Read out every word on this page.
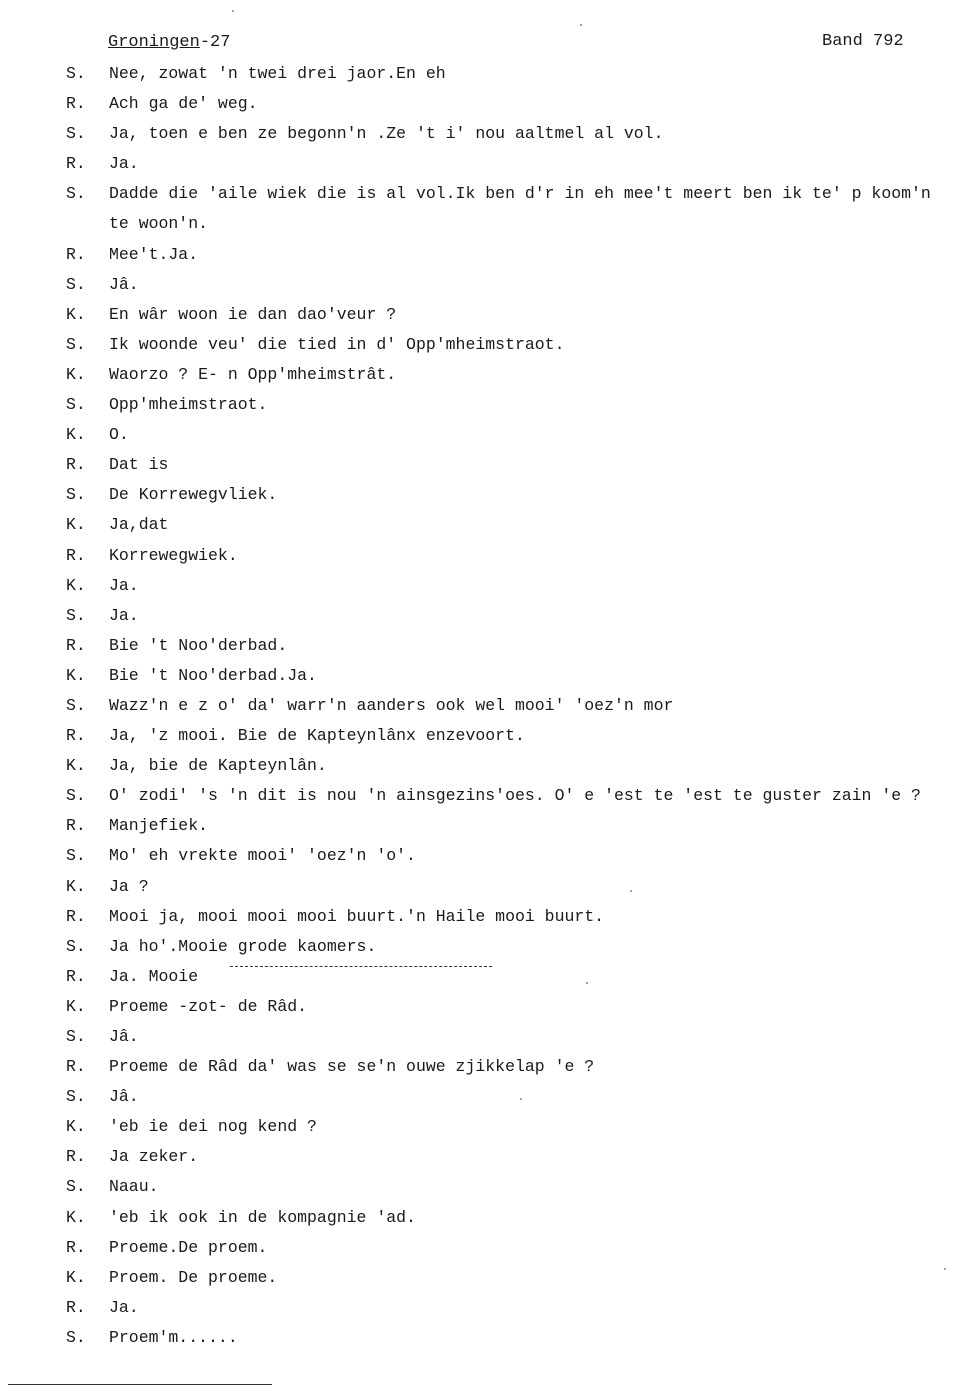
Groningen-27	Band 792
S. Nee, zowat 'n twei drei jaor.En eh
R. Ach ga de' weg.
S. Ja, toen e ben ze begonn'n .Ze 't i' nou aaltmel al vol.
R. Ja.
S. Dadde die 'aile wiek die is al vol.Ik ben d'r in eh mee't meert ben ik te' p koom'n
te woon'n.
R. Mee't.Ja.
S. Jâ.
K. En wâr woon ie dan dao'veur ?
S. Ik woonde veu' die tied in d' Opp'mheimstraot.
K. Waorzo ? E- n Opp'mheimstrât.
S. Opp'mheimstraot.
K. O.
R. Dat is
S. De Korrewegvliek.
K. Ja,dat
R. Korrewegwiek.
K. Ja.
S. Ja.
R. Bie 't Noo'derbad.
K. Bie 't Noo'derbad.Ja.
S. Wazz'n e z o' da' warr'n aanders ook wel mooi' 'oez'n mor
R. Ja, 'z mooi. Bie de Kapteynlânx enzevoort.
K. Ja, bie de Kapteynlân.
S. O' zodi' 's 'n dit is nou 'n ainsgezins'oes. O' e 'est te 'est te guster zain 'e ?
R. Manjefiek.
S. Mo' eh vrekte mooi' 'oez'n 'o'.
K. Ja ?
R. Mooi ja, mooi mooi mooi buurt.'n Haile mooi buurt.
S. Ja ho'.Mooie grode kaomers.
R. Ja. Mooie
K. Proeme -zot- de Râd.
S. Jâ.
R. Proeme de Râd da' was se se'n ouwe zjikkelap 'e ?
S. Jâ.
K. 'eb ie dei nog kend ?
R. Ja zeker.
S. Naau.
K. 'eb ik ook in de kompagnie 'ad.
R. Proeme.De proem.
K. Proem. De proeme.
R. Ja.
S. Proem'm......
